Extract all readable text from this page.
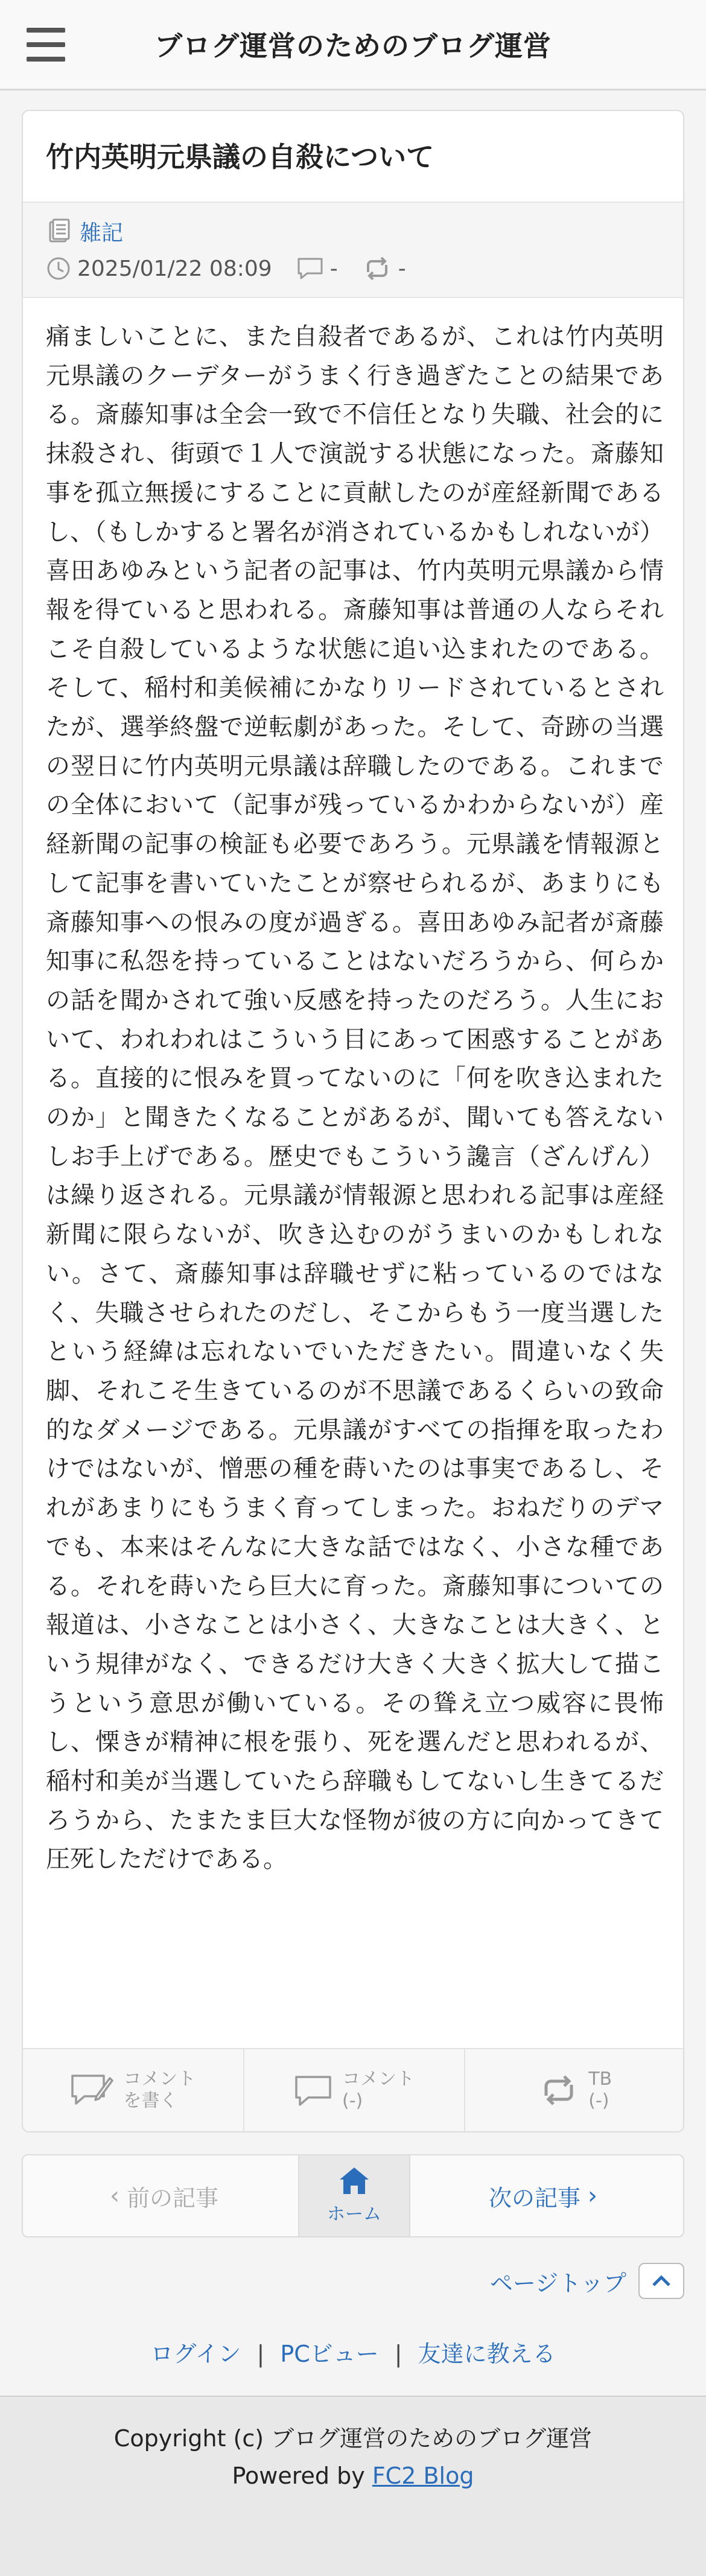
ブログ運営のためのブログ運営
竹内英明元県議の自殺について
雑記
2025/01/22 08:09	-	-
痛ましいことに、また自殺者であるが、これは竹内英明元県議のクーデターがうまく行き過ぎたことの結果である。斎藤知事は全会一致で不信任となり失職、社会的に抹殺され、街頭で１人で演説する状態になった。斎藤知事を孤立無援にすることに貢献したのが産経新聞であるし、（もしかすると署名が消されているかもしれないが）喜田あゆみという記者の記事は、竹内英明元県議から情報を得ていると思われる。斎藤知事は普通の人ならそれこそ自殺しているような状態に追い込まれたのである。そして、稲村和美候補にかなりリードされているとされたが、選挙終盤で逆転劇があった。そして、奇跡の当選の翌日に竹内英明元県議は辞職したのである。これまでの全体において（記事が残っているかわからないが）産経新聞の記事の検証も必要であろう。元県議を情報源として記事を書いていたことが察せられるが、あまりにも斎藤知事への恨みの度が過ぎる。喜田あゆみ記者が斎藤知事に私怨を持っていることはないだろうから、何らかの話を聞かされて強い反感を持ったのだろう。人生において、われわれはこういう目にあって困惑することがある。直接的に恨みを買ってないのに「何を吹き込まれたのか」と聞きたくなることがあるが、聞いても答えないしお手上げである。歴史でもこういう讒言（ざんげん）は繰り返される。元県議が情報源と思われる記事は産経新聞に限らないが、吹き込むのがうまいのかもしれない。さて、斎藤知事は辞職せずに粘っているのではなく、失職させられたのだし、そこからもう一度当選したという経緯は忘れないでいただきたい。間違いなく失脚、それこそ生きているのが不思議であるくらいの致命的なダメージである。元県議がすべての指揮を取ったわけではないが、憎悪の種を蒔いたのは事実であるし、それがあまりにもうまく育ってしまった。おねだりのデマでも、本来はそんなに大きな話ではなく、小さな種である。それを蒔いたら巨大に育った。斎藤知事についての報道は、小さなことは小さく、大きなことは大きく、という規律がなく、できるだけ大きく大きく拡大して描こうという意思が働いている。その聳え立つ威容に畏怖し、慄きが精神に根を張り、死を選んだと思われるが、稲村和美が当選していたら辞職もしてないし生きてるだろうから、たまたま巨大な怪物が彼の方に向かってきて圧死しただけである。
コメント
を書く
コメント
(-)
TB
(-)
‹ 前の記事
ホーム
次の記事 ›
ページトップ
ログイン | PCビュー | 友達に教える
Copyright (c) ブログ運営のためのブログ運営
Powered by FC2 Blog
